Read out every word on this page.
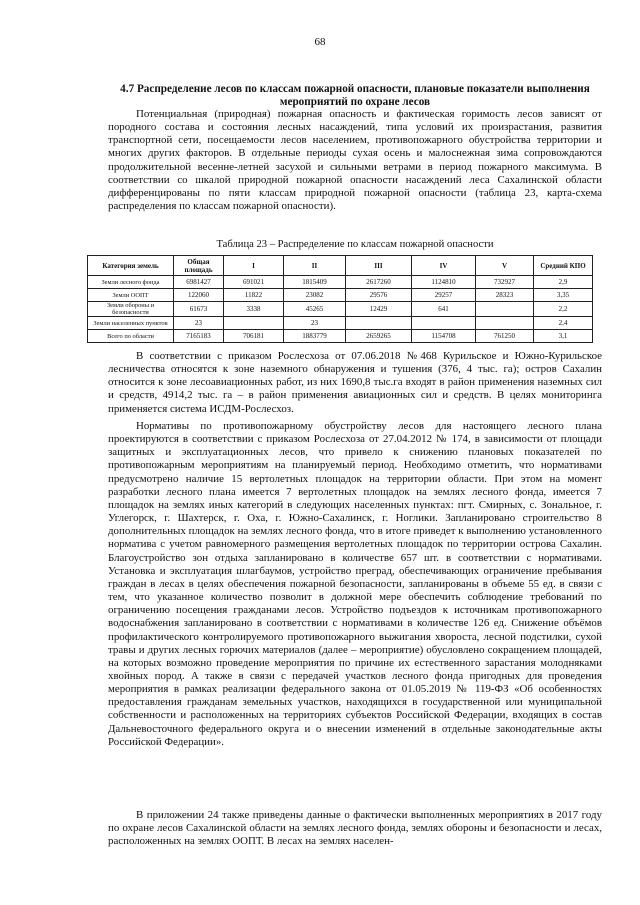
68
4.7 Распределение лесов по классам пожарной опасности, плановые показатели выполнения мероприятий по охране лесов

Потенциальная (природная) пожарная опасность и фактическая горимость лесов зависят от породного состава и состояния лесных насаждений, типа условий их произрастания, развития транспортной сети, посещаемости лесов населением, противопожарного обустройства территории и многих других факторов. В отдельные периоды сухая осень и малоснежная зима сопровождаются продолжительной весенне-летней засухой и сильными ветрами в период пожарного максимума. В соответствии со шкалой природной пожарной опасности насаждений леса Сахалинской области дифференцированы по пяти классам природной пожарной опасности (таблица 23, карта-схема распределения по классам пожарной опасности).

Таблица 23 – Распределение по классам пожарной опасности
Категория земель	Общая площадь	I	II	III	IV	V	Средний КПО
Земли лесного фонда	6981427	691021	1815409	2617260	1124810	732927	2,9
Земли ООПТ	122060	11822	23082	29576	29257	28323	3,35
Земли обороны и безопасности	61673	3338	45265	12429	641		2,2
Земли населенных пунктов	23		23				2,4
Всего по области	7165183	706181	1883779	2659265	1154708	761250	3,1

В соответствии с приказом Рослесхоза от 07.06.2018 №468 Курильское и Южно-Курильское лесничества относятся к зоне наземного обнаружения и тушения (376, 4 тыс. га); остров Сахалин относится к зоне лесоавиационных работ, из них 1690,8 тыс.га входят в район применения наземных сил и средств, 4914,2 тыс. га – в район применения авиационных сил и средств. В целях мониторинга применяется система ИСДМ-Рослесхоз.

Нормативы по противопожарному обустройству лесов для настоящего лесного плана проектируются в соответствии с приказом Рослесхоза от 27.04.2012 № 174, в зависимости от площади защитных и эксплуатационных лесов, что привело к снижению плановых показателей по противопожарным мероприятиям на планируемый период. Необходимо отметить, что нормативами предусмотрено наличие 15 вертолетных площадок на территории области. При этом на момент разработки лесного плана имеется 7 вертолетных площадок на землях лесного фонда, имеется 7 площадок на землях иных категорий в следующих населенных пунктах: пгт. Смирных, с. Зональное, г. Углегорск, г. Шахтерск, г. Оха, г. Южно-Сахалинск, г. Ноглики. Запланировано строительство 8 дополнительных площадок на землях лесного фонда, что в итоге приведет к выполнению установленного норматива с учетом равномерного размещения вертолетных площадок по территории острова Сахалин. Благоустройство зон отдыха запланировано в количестве 657 шт. в соответствии с нормативами. Установка и эксплуатация шлагбаумов, устройство преград, обеспечивающих ограничение пребывания граждан в лесах в целях обеспечения пожарной безопасности, запланированы в объеме 55 ед. в связи с тем, что указанное количество позволит в должной мере обеспечить соблюдение требований по ограничению посещения гражданами лесов. Устройство подъездов к источникам противопожарного водоснабжения запланировано в соответствии с нормативами в количестве 126 ед. Снижение объёмов профилактического контролируемого противопожарного выжигания хвороста, лесной подстилки, сухой травы и других лесных горючих материалов (далее – мероприятие) обусловлено сокращением площадей, на которых возможно проведение мероприятия по причине их естественного зарастания молодняками хвойных пород. А также в связи с передачей участков лесного фонда пригодных для проведения мероприятия в рамках реализации федерального закона от 01.05.2019 № 119-ФЗ «Об особенностях предоставления гражданам земельных участков, находящихся в государственной или муниципальной собственности и расположенных на территориях субъектов Российской Федерации, входящих в состав Дальневосточного федерального округа и о внесении изменений в отдельные законодательные акты Российской Федерации».

В приложении 24 также приведены данные о фактически выполненных мероприятиях в 2017 году по охране лесов Сахалинской области на землях лесного фонда, землях обороны и безопасности и лесах, расположенных на землях ООПТ. В лесах на землях населен-
